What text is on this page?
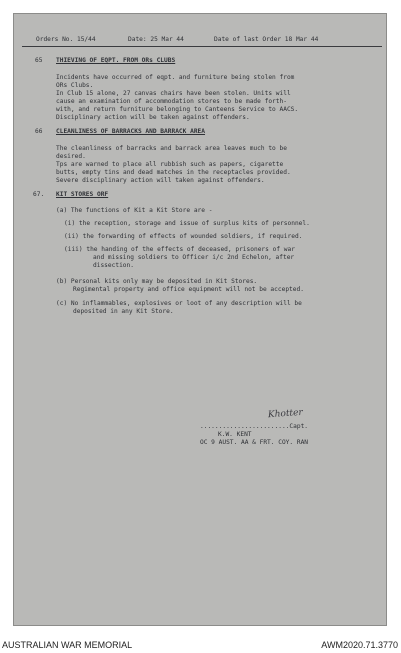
Orders No. 15/44	Date: 25 Mar 44	Date of last Order 18 Mar 44
65 THIEVING OF EQPT. FROM ORs CLUBS
Incidents have occurred of eqpt. and furniture being stolen from
ORs Clubs.
In Club 15 alone, 27 canvas chairs have been stolen. Units will
cause an examination of accommodation stores to be made forth-
with, and return furniture belonging to Canteens Service to AACS.
Disciplinary action will be taken against offenders.
66 CLEANLINESS OF BARRACKS AND BARRACK AREA
The cleanliness of barracks and barrack area leaves much to be
desired.
Tps are warned to place all rubbish such as papers, cigarette
butts, empty tins and dead matches in the receptacles provided.
Severe disciplinary action will taken against offenders.
67. KIT STORES ORF
(a) The functions of Kit a Kit Store are -
(i) the reception, storage and issue of surplus kits of personnel.
(ii) the forwarding of effects of wounded soldiers, if required.
(iii) the handing of the effects of deceased, prisoners of war
and missing soldiers to Officer i/c 2nd Echelon, after
dissection.
(b) Personal kits only may be deposited in Kit Stores.
Regimental property and office equipment will not be accepted.
(c) No inflammables, explosives or loot of any description will be
deposited in any Kit Store.
Khotter
........................Capt.
K.W. KENT
OC 9 AUST. AA & FRT. COY. RAN
AUSTRALIAN WAR MEMORIAL	AWM2020.71.3770
